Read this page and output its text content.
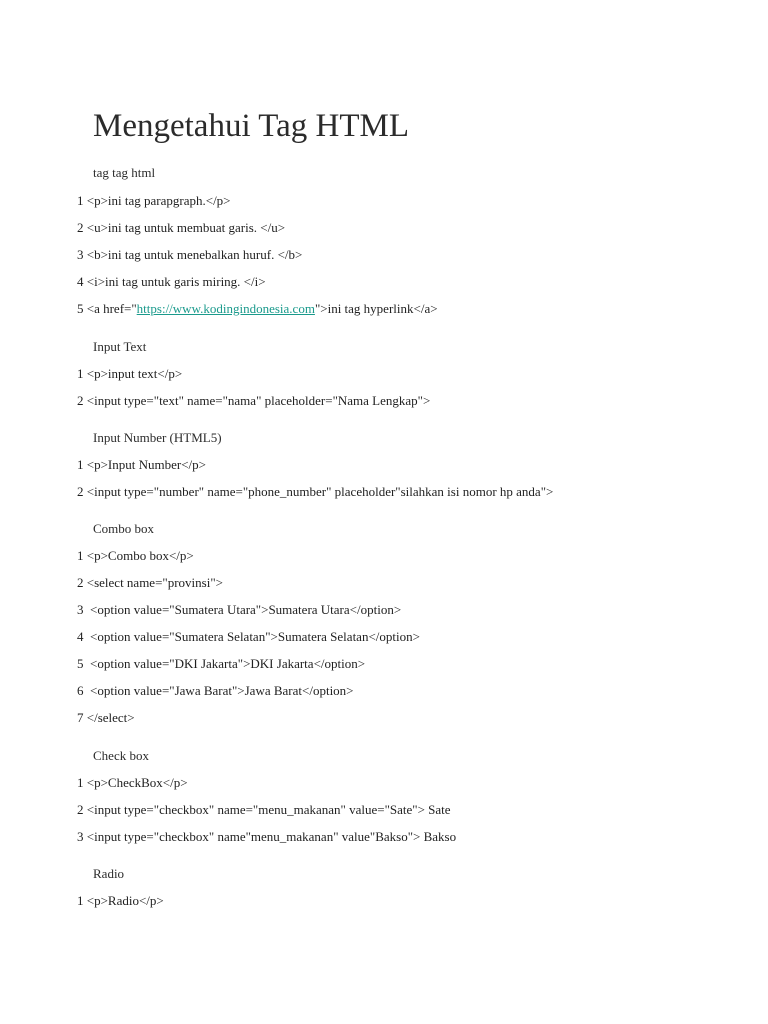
Mengetahui Tag HTML
tag tag html
1 <p>ini tag parapgraph.</p>
2 <u>ini tag untuk membuat garis. </u>
3 <b>ini tag untuk menebalkan huruf. </b>
4 <i>ini tag untuk garis miring. </i>
5 <a href="https://www.kodingindonesia.com">ini tag hyperlink</a>
Input Text
1 <p>input text</p>
2 <input type="text" name="nama" placeholder="Nama Lengkap">
Input Number (HTML5)
1 <p>Input Number</p>
2 <input type="number" name="phone_number" placeholder"silahkan isi nomor hp anda">
Combo box
1 <p>Combo box</p>
2 <select name="provinsi">
3  <option value="Sumatera Utara">Sumatera Utara</option>
4  <option value="Sumatera Selatan">Sumatera Selatan</option>
5  <option value="DKI Jakarta">DKI Jakarta</option>
6  <option value="Jawa Barat">Jawa Barat</option>
7 </select>
Check box
1 <p>CheckBox</p>
2 <input type="checkbox" name="menu_makanan" value="Sate"> Sate
3 <input type="checkbox" name"menu_makanan" value"Bakso"> Bakso
Radio
1 <p>Radio</p>
